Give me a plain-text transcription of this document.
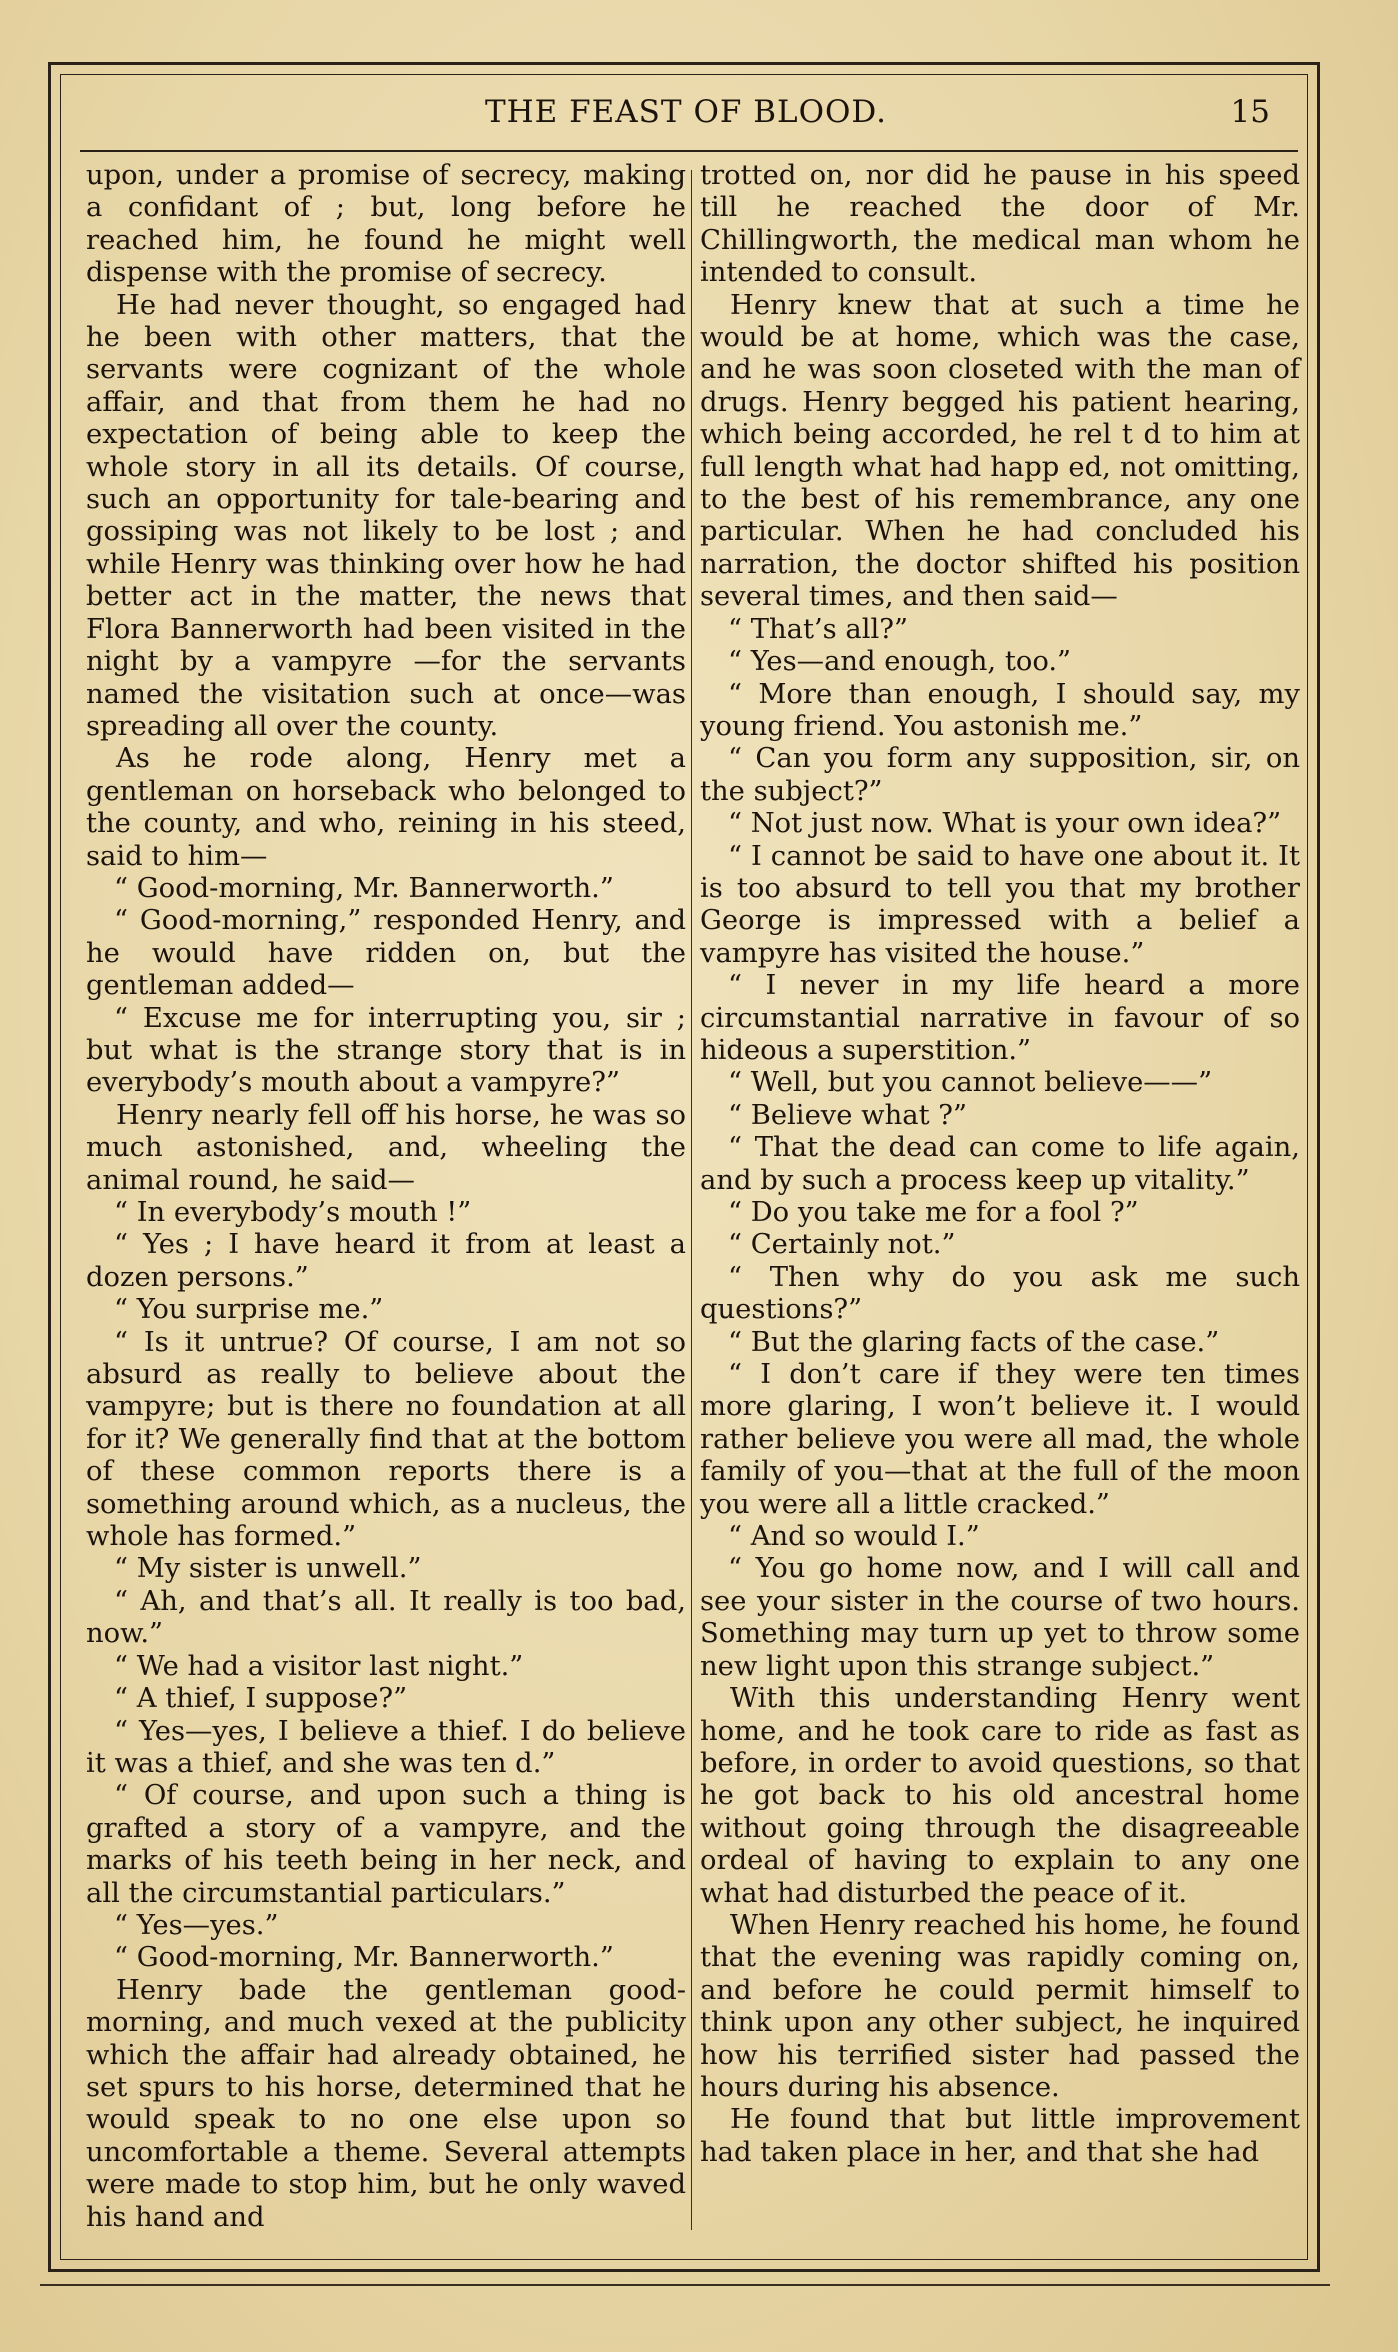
THE FEAST OF BLOOD.	15

upon, under a promise of secrecy, making a confidant of ; but, long before he reached him, he found he might well dispense with the promise of secrecy.

He had never thought, so engaged had he been with other matters, that the servants were cognizant of the whole affair, and that from them he had no expectation of being able to keep the whole story in all its details. Of course, such an opportunity for tale-bearing and gossiping was not likely to be lost ; and while Henry was thinking over how he had better act in the matter, the news that Flora Bannerworth had been visited in the night by a vampyre —for the servants named the visitation such at once—was spreading all over the county.

As he rode along, Henry met a gentleman on horseback who belonged to the county, and who, reining in his steed, said to him—

“ Good-morning, Mr. Bannerworth.”

“ Good-morning,” responded Henry, and he would have ridden on, but the gentleman added—

“ Excuse me for interrupting you, sir ; but what is the strange story that is in everybody’s mouth about a vampyre?”

Henry nearly fell off his horse, he was so much astonished, and, wheeling the animal round, he said—

“ In everybody’s mouth !”

“ Yes ; I have heard it from at least a dozen persons.”

“ You surprise me.”

“ Is it untrue? Of course, I am not so absurd as really to believe about the vampyre; but is there no foundation at all for it? We generally find that at the bottom of these common reports there is a something around which, as a nucleus, the whole has formed.”

“ My sister is unwell.”

“ Ah, and that’s all. It really is too bad, now.”

“ We had a visitor last night.”

“ A thief, I suppose?”

“ Yes—yes, I believe a thief. I do believe it was a thief, and she was ten d.”

“ Of course, and upon such a thing is grafted a story of a vampyre, and the marks of his teeth being in her neck, and all the circumstantial particulars.”

“ Yes—yes.”

“ Good-morning, Mr. Bannerworth.”

Henry bade the gentleman good-morning, and much vexed at the publicity which the affair had already obtained, he set spurs to his horse, determined that he would speak to no one else upon so uncomfortable a theme. Several attempts were made to stop him, but he only waved his hand and

trotted on, nor did he pause in his speed till he reached the door of Mr. Chillingworth, the medical man whom he intended to consult.

Henry knew that at such a time he would be at home, which was the case, and he was soon closeted with the man of drugs. Henry begged his patient hearing, which being accorded, he rel t d to him at full length what had happ ed, not omitting, to the best of his remembrance, any one particular. When he had concluded his narration, the doctor shifted his position several times, and then said—

“ That’s all?”

“ Yes—and enough, too.”

“ More than enough, I should say, my young friend. You astonish me.”

“ Can you form any supposition, sir, on the subject?”

“ Not just now. What is your own idea?”

“ I cannot be said to have one about it. It is too absurd to tell you that my brother George is impressed with a belief a vampyre has visited the house.”

“ I never in my life heard a more circumstantial narrative in favour of so hideous a superstition.”

“ Well, but you cannot believe——”

“ Believe what ?”

“ That the dead can come to life again, and by such a process keep up vitality.”

“ Do you take me for a fool ?”

“ Certainly not.”

“ Then why do you ask me such questions?”

“ But the glaring facts of the case.”

“ I don’t care if they were ten times more glaring, I won’t believe it. I would rather believe you were all mad, the whole family of you—that at the full of the moon you were all a little cracked.”

“ And so would I.”

“ You go home now, and I will call and see your sister in the course of two hours. Something may turn up yet to throw some new light upon this strange subject.”

With this understanding Henry went home, and he took care to ride as fast as before, in order to avoid questions, so that he got back to his old ancestral home without going through the disagreeable ordeal of having to explain to any one what had disturbed the peace of it.

When Henry reached his home, he found that the evening was rapidly coming on, and before he could permit himself to think upon any other subject, he inquired how his terrified sister had passed the hours during his absence.

He found that but little improvement had taken place in her, and that she had
